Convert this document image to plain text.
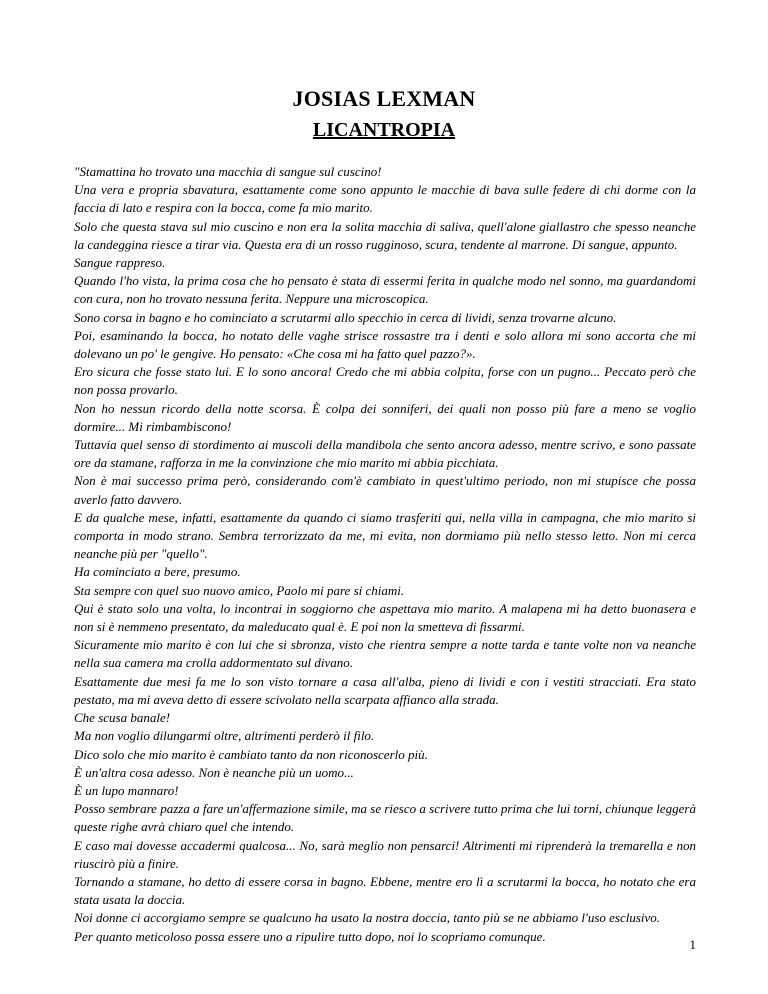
JOSIAS LEXMAN
LICANTROPIA

"Stamattina ho trovato una macchia di sangue sul cuscino!

Una vera e propria sbavatura, esattamente come sono appunto le macchie di bava sulle federe di chi dorme con la faccia di lato e respira con la bocca, come fa mio marito.

Solo che questa stava sul mio cuscino e non era la solita macchia di saliva, quell'alone giallastro che spesso neanche la candeggina riesce a tirar via. Questa era di un rosso rugginoso, scura, tendente al marrone. Di sangue, appunto.

Sangue rappreso.

Quando l'ho vista, la prima cosa che ho pensato è stata di essermi ferita in qualche modo nel sonno, ma guardandomi con cura, non ho trovato nessuna ferita. Neppure una microscopica.

Sono corsa in bagno e ho cominciato a scrutarmi allo specchio in cerca di lividi, senza trovarne alcuno.

Poi, esaminando la bocca, ho notato delle vaghe strisce rossastre tra i denti e solo allora mi sono accorta che mi dolevano un po' le gengive. Ho pensato: «Che cosa mi ha fatto quel pazzo?».

Ero sicura che fosse stato lui. E lo sono ancora! Credo che mi abbia colpita, forse con un pugno... Peccato però che non possa provarlo.

Non ho nessun ricordo della notte scorsa. È colpa dei sonniferi, dei quali non posso più fare a meno se voglio dormire... Mi rimbambiscono!

Tuttavia quel senso di stordimento ai muscoli della mandibola che sento ancora adesso, mentre scrivo, e sono passate ore da stamane, rafforza in me la convinzione che mio marito mi abbia picchiata.

Non è mai successo prima però, considerando com'è cambiato in quest'ultimo periodo, non mi stupisce che possa averlo fatto davvero.

E da qualche mese, infatti, esattamente da quando ci siamo trasferiti qui, nella villa in campagna, che mio marito si comporta in modo strano. Sembra terrorizzato da me, mi evita, non dormiamo più nello stesso letto. Non mi cerca neanche più per "quello".

Ha cominciato a bere, presumo.

Sta sempre con quel suo nuovo amico, Paolo mi pare si chiami.

Qui è stato solo una volta, lo incontrai in soggiorno che aspettava mio marito. A malapena mi ha detto buonasera e non si è nemmeno presentato, da maleducato qual è. E poi non la smetteva di fissarmi.

Sicuramente mio marito è con lui che si sbronza, visto che rientra sempre a notte tarda e tante volte non va neanche nella sua camera ma crolla addormentato sul divano.

Esattamente due mesi fa me lo son visto tornare a casa all'alba, pieno di lividi e con i vestiti stracciati. Era stato pestato, ma mi aveva detto di essere scivolato nella scarpata affianco alla strada.

Che scusa banale!

Ma non voglio dilungarmi oltre, altrimenti perderò il filo.

Dico solo che mio marito è cambiato tanto da non riconoscerlo più.

È un'altra cosa adesso. Non è neanche più un uomo...

È un lupo mannaro!

Posso sembrare pazza a fare un'affermazione simile, ma se riesco a scrivere tutto prima che lui torni, chiunque leggerà queste righe avrà chiaro quel che intendo.

E caso mai dovesse accadermi qualcosa... No, sarà meglio non pensarci! Altrimenti mi riprenderà la tremarella e non riuscirò più a finire.

Tornando a stamane, ho detto di essere corsa in bagno. Ebbene, mentre ero lì a scrutarmi la bocca, ho notato che era stata usata la doccia.

Noi donne ci accorgiamo sempre se qualcuno ha usato la nostra doccia, tanto più se ne abbiamo l'uso esclusivo.

Per quanto meticoloso possa essere uno a ripulire tutto dopo, noi lo scopriamo comunque.

1
